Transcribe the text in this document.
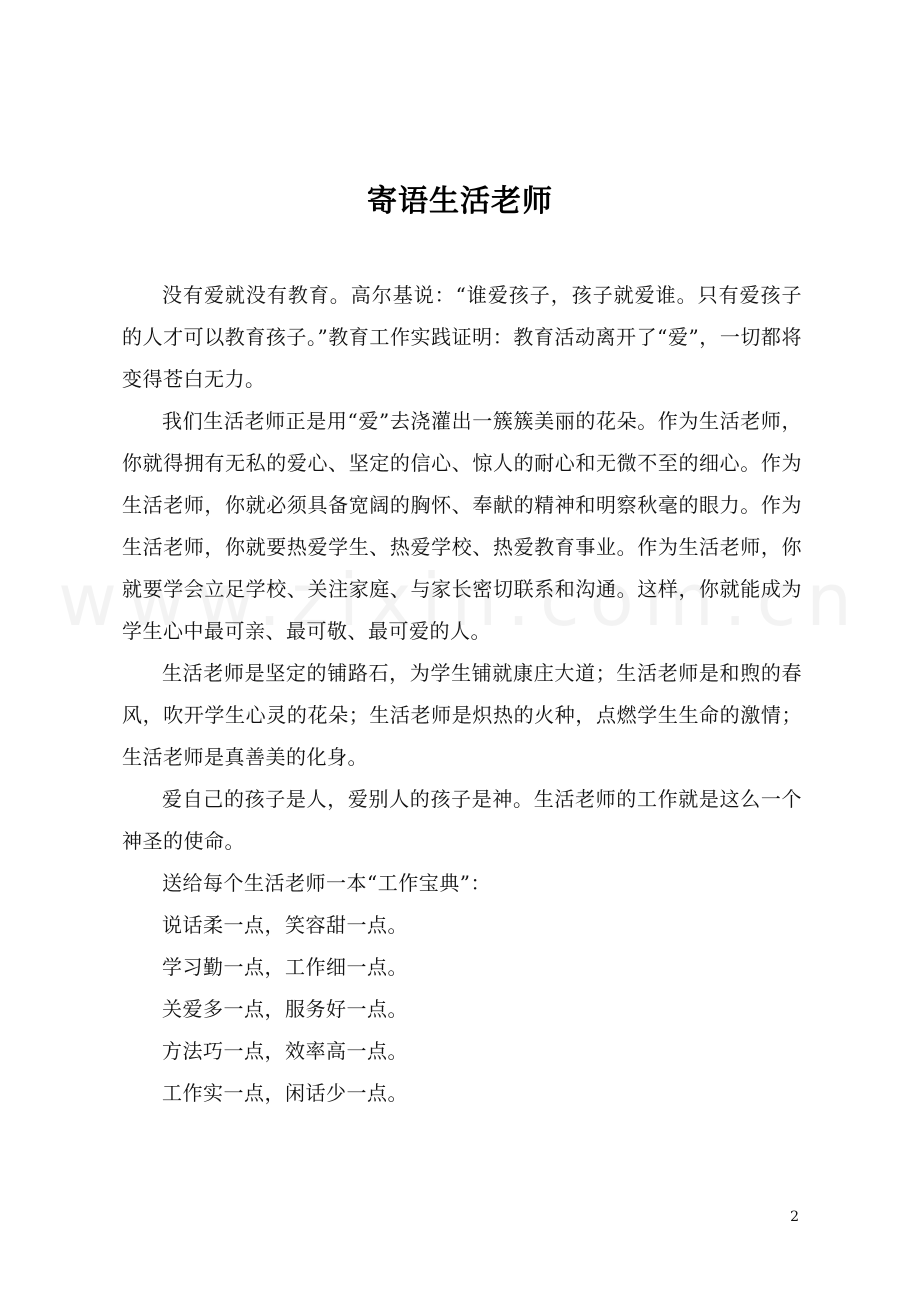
寄语生活老师

没有爱就没有教育。高尔基说：“谁爱孩子，孩子就爱谁。只有爱孩子的人才可以教育孩子。”教育工作实践证明：教育活动离开了“爱”，一切都将变得苍白无力。

我们生活老师正是用“爱”去浇灌出一簇簇美丽的花朵。作为生活老师，你就得拥有无私的爱心、坚定的信心、惊人的耐心和无微不至的细心。作为生活老师，你就必须具备宽阔的胸怀、奉献的精神和明察秋毫的眼力。作为生活老师，你就要热爱学生、热爱学校、热爱教育事业。作为生活老师，你就要学会立足学校、关注家庭、与家长密切联系和沟通。这样，你就能成为学生心中最可亲、最可敬、最可爱的人。

生活老师是坚定的铺路石，为学生铺就康庄大道；生活老师是和煦的春风，吹开学生心灵的花朵；生活老师是炽热的火种，点燃学生生命的激情；生活老师是真善美的化身。

爱自己的孩子是人，爱别人的孩子是神。生活老师的工作就是这么一个神圣的使命。

送给每个生活老师一本“工作宝典”：

说话柔一点，笑容甜一点。

学习勤一点，工作细一点。

关爱多一点，服务好一点。

方法巧一点，效率高一点。

工作实一点，闲话少一点。

2
